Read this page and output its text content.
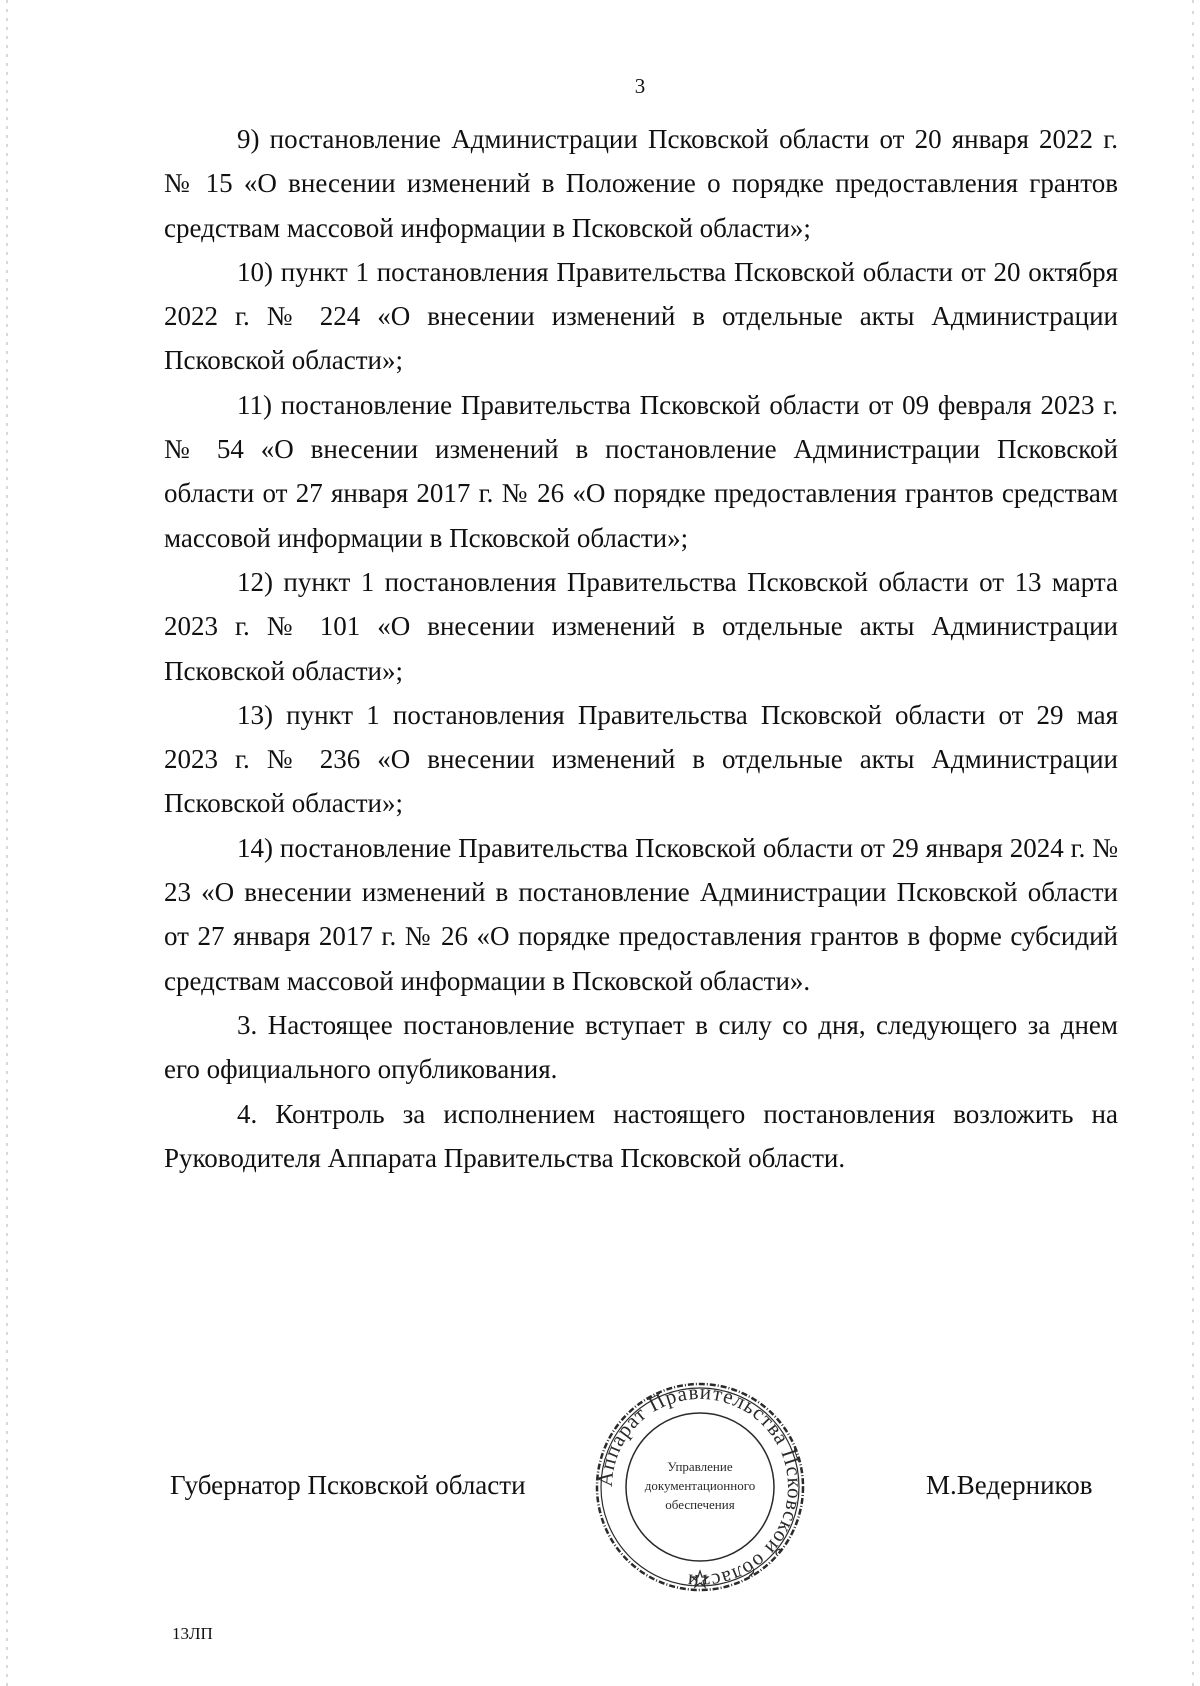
3

9) постановление Администрации Псковской области от 20 января 2022 г. № 15 «О внесении изменений в Положение о порядке предоставления грантов средствам массовой информации в Псковской области»;

10) пункт 1 постановления Правительства Псковской области от 20 октября 2022 г. № 224 «О внесении изменений в отдельные акты Администрации Псковской области»;

11) постановление Правительства Псковской области от 09 февраля 2023 г. № 54 «О внесении изменений в постановление Администрации Псковской области от 27 января 2017 г. № 26 «О порядке предоставления грантов средствам массовой информации в Псковской области»;

12) пункт 1 постановления Правительства Псковской области от 13 марта 2023 г. № 101 «О внесении изменений в отдельные акты Администрации Псковской области»;

13) пункт 1 постановления Правительства Псковской области от 29 мая 2023 г. № 236 «О внесении изменений в отдельные акты Администрации Псковской области»;

14) постановление Правительства Псковской области от 29 января 2024 г. № 23 «О внесении изменений в постановление Администрации Псковской области от 27 января 2017 г. № 26 «О порядке предоставления грантов в форме субсидий средствам массовой информации в Псковской области».

3. Настоящее постановление вступает в силу со дня, следующего за днем его официального опубликования.

4. Контроль за исполнением настоящего постановления возложить на Руководителя Аппарата Правительства Псковской области.

Губернатор Псковской области	М.Ведерников
Аппарат Правительства Псковской области
Управление
документационного
обеспечения
13ЛП
